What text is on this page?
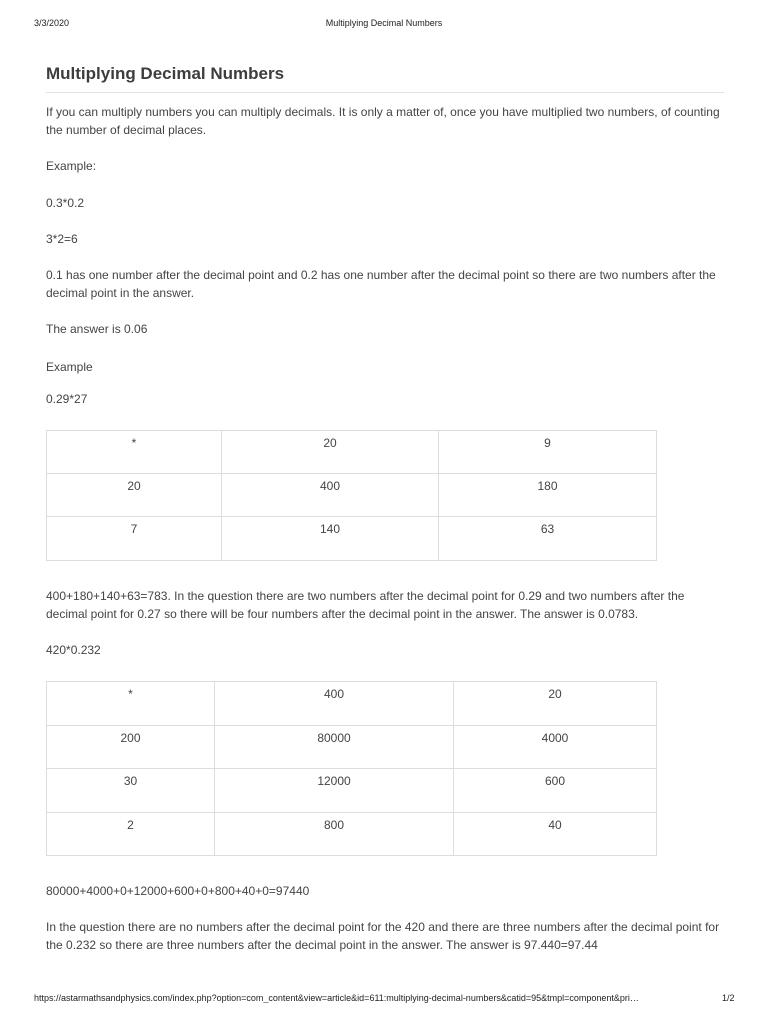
3/3/2020	Multiplying Decimal Numbers
Multiplying Decimal Numbers

If you can multiply numbers you can multiply decimals. It is only a matter of, once you have multiplied two numbers, of counting the number of decimal places.

Example:

0.3*0.2

3*2=6

0.1 has one number after the decimal point and 0.2 has one number after the decimal point so there are two numbers after the decimal point in the answer.

The answer is 0.06

Example

0.29*27

*	20	9
20	400	180
7	140	63

400+180+140+63=783. In the question there are two numbers after the decimal point for 0.29 and two numbers after the decimal point for 0.27 so there will be four numbers after the decimal point in the answer. The answer is 0.0783.

420*0.232

*	400	20
200	80000	4000
30	12000	600
2	800	40

80000+4000+0+12000+600+0+800+40+0=97440

In the question there are no numbers after the decimal point for the 420 and there are three numbers after the decimal point for the 0.232 so there are three numbers after the decimal point in the answer. The answer is 97.440=97.44

https://astarmathsandphysics.com/index.php?option=com_content&view=article&id=611:multiplying-decimal-numbers&catid=95&tmpl=component&pri…	1/2
